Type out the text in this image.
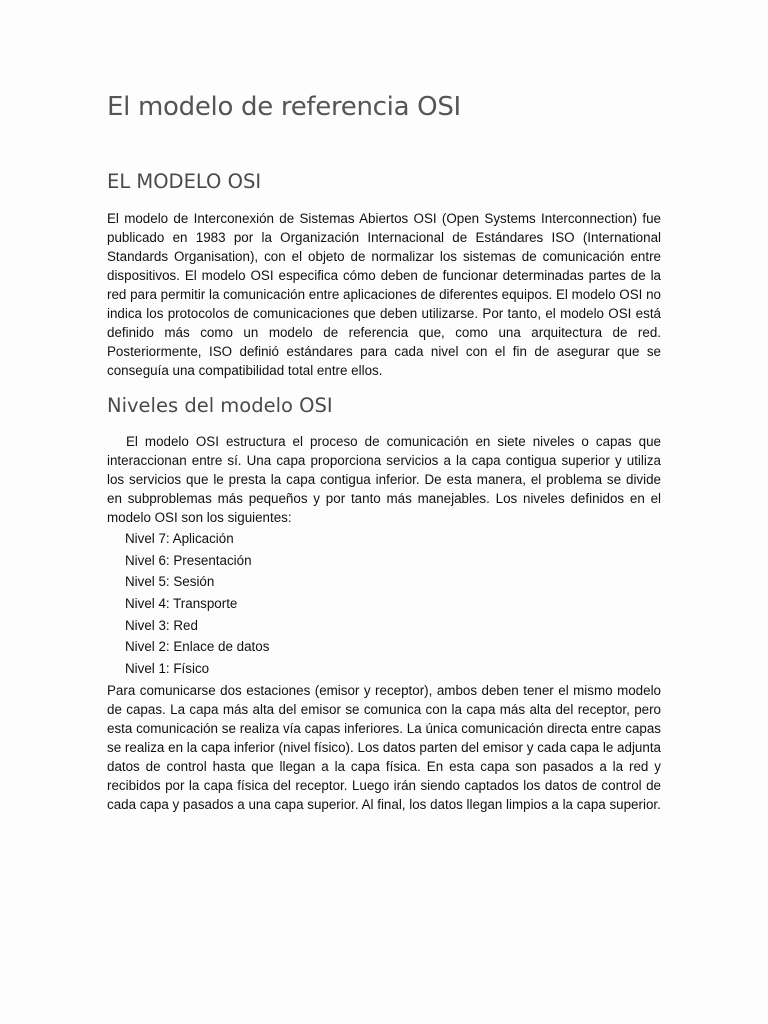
El modelo de referencia OSI
EL MODELO OSI

El modelo de Interconexión de Sistemas Abiertos OSI (Open Systems Interconnection) fue publicado en 1983 por la Organización Internacional de Estándares ISO (International Standards Organisation), con el objeto de normalizar los sistemas de comunicación entre dispositivos. El modelo OSI especifica cómo deben de funcionar determinadas partes de la red para permitir la comunicación entre aplicaciones de diferentes equipos. El modelo OSI no indica los protocolos de comunicaciones que deben utilizarse. Por tanto, el modelo OSI está definido más como un modelo de referencia que, como una arquitectura de red. Posteriormente, ISO definió estándares para cada nivel con el fin de asegurar que se conseguía una compatibilidad total entre ellos.

Niveles del modelo OSI

El modelo OSI estructura el proceso de comunicación en siete niveles o capas que interaccionan entre sí. Una capa proporciona servicios a la capa contigua superior y utiliza los servicios que le presta la capa contigua inferior. De esta manera, el problema se divide en subproblemas más pequeños y por tanto más manejables. Los niveles definidos en el modelo OSI son los siguientes:

Nivel 7: Aplicación
Nivel 6: Presentación
Nivel 5: Sesión
Nivel 4: Transporte
Nivel 3: Red
Nivel 2: Enlace de datos
Nivel 1: Físico

Para comunicarse dos estaciones (emisor y receptor), ambos deben tener el mismo modelo de capas. La capa más alta del emisor se comunica con la capa más alta del receptor, pero esta comunicación se realiza vía capas inferiores. La única comunicación directa entre capas se realiza en la capa inferior (nivel físico). Los datos parten del emisor y cada capa le adjunta datos de control hasta que llegan a la capa física. En esta capa son pasados a la red y recibidos por la capa física del receptor. Luego irán siendo captados los datos de control de cada capa y pasados a una capa superior. Al final, los datos llegan limpios a la capa superior.
